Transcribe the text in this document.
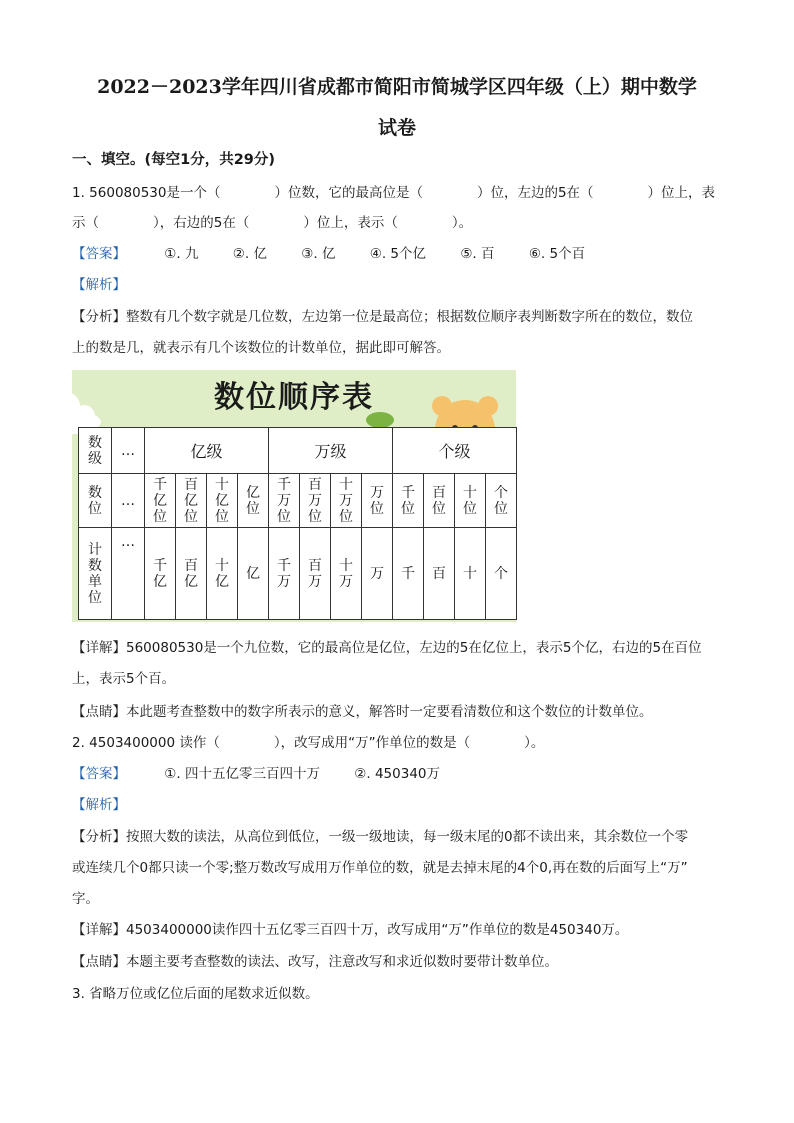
2022－2023学年四川省成都市简阳市简城学区四年级（上）期中数学
试卷
一、填空。(每空1分，共29分)
1. 560080530是一个（　　　　）位数，它的最高位是（　　　　）位，左边的5在（　　　　）位上，表
示（　　　　），右边的5在（　　　　）位上，表示（　　　　）。
【答案】	①. 九	②. 亿	③. 亿	④. 5个亿	⑤. 百	⑥. 5个百
【解析】
【分析】整数有几个数字就是几位数，左边第一位是最高位；根据数位顺序表判断数字所在的数位，数位
上的数是几，就表示有几个该数位的计数单位，据此即可解答。
数位顺序表
数级	…	亿级				万级				个级			
数位	…	千亿位	百亿位	十亿位	亿位	千万位	百万位	十万位	万位	千位	百位	十位	个位
计数单位	…	千亿	百亿	十亿	亿	千万	百万	十万	万	千	百	十	个
【详解】560080530是一个九位数，它的最高位是亿位，左边的5在亿位上，表示5个亿，右边的5在百位
上，表示5个百。
【点睛】本此题考查整数中的数字所表示的意义，解答时一定要看清数位和这个数位的计数单位。
2. 4503400000 读作（　　　　），改写成用“万”作单位的数是（　　　　）。
【答案】	①. 四十五亿零三百四十万	②. 450340万
【解析】
【分析】按照大数的读法，从高位到低位，一级一级地读，每一级末尾的0都不读出来，其余数位一个零
或连续几个0都只读一个零;整万数改写成用万作单位的数，就是去掉末尾的4个0,再在数的后面写上“万”
字。
【详解】4503400000读作四十五亿零三百四十万，改写成用“万”作单位的数是450340万。
【点睛】本题主要考查整数的读法、改写，注意改写和求近似数时要带计数单位。
3. 省略万位或亿位后面的尾数求近似数。
